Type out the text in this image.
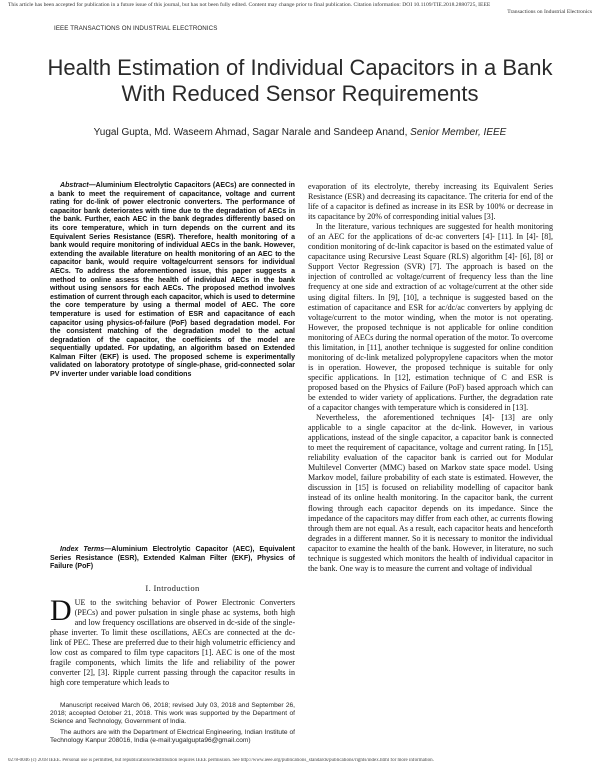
This article has been accepted for publication in a future issue of this journal, but has not been fully edited. Content may change prior to final publication. Citation information: DOI 10.1109/TIE.2018.2880725, IEEE
Transactions on Industrial Electronics
IEEE TRANSACTIONS ON INDUSTRIAL ELECTRONICS
Health Estimation of Individual Capacitors in a Bank With Reduced Sensor Requirements
Yugal Gupta, Md. Waseem Ahmad, Sagar Narale and Sandeep Anand, Senior Member, IEEE
Abstract—Aluminium Electrolytic Capacitors (AECs) are connected in a bank to meet the requirement of capacitance, voltage and current rating for dc-link of power electronic converters. The performance of capacitor bank deteriorates with time due to the degradation of AECs in the bank. Further, each AEC in the bank degrades differently based on its core temperature, which in turn depends on the current and its Equivalent Series Resistance (ESR). Therefore, health monitoring of a bank would require monitoring of individual AECs in the bank. However, extending the available literature on health monitoring of an AEC to the capacitor bank, would require voltage/current sensors for individual AECs. To address the aforementioned issue, this paper suggests a method to online assess the health of individual AECs in the bank without using sensors for each AECs. The proposed method involves estimation of current through each capacitor, which is used to determine the core temperature by using a thermal model of AEC. The core temperature is used for estimation of ESR and capacitance of each capacitor using physics-of-failure (PoF) based degradation model. For the consistent matching of the degradation model to the actual degradation of the capacitor, the coefficients of the model are sequentially updated. For updating, an algorithm based on Extended Kalman Filter (EKF) is used. The proposed scheme is experimentally validated on laboratory prototype of single-phase, grid-connected solar PV inverter under variable load conditions
Index Terms—Aluminium Electrolytic Capacitor (AEC), Equivalent Series Resistance (ESR), Extended Kalman Filter (EKF), Physics of Failure (PoF)
I. Introduction
DUE to the switching behavior of Power Electronic Converters (PECs) and power pulsation in single phase ac systems, both high and low frequency oscillations are observed in dc-side of the single-phase inverter. To limit these oscillations, AECs are connected at the dc-link of PEC. These are preferred due to their high volumetric efficiency and low cost as compared to film type capacitors [1]. AEC is one of the most fragile components, which limits the life and reliability of the power converter [2], [3]. Ripple current passing through the capacitor results in high core temperature which leads to

Manuscript received March 06, 2018; revised July 03, 2018 and September 26, 2018; accepted October 21, 2018. This work was supported by the Department of Science and Technology, Government of India.

The authors are with the Department of Electrical Engineering, Indian Institute of Technology Kanpur 208016, India (e-mail:yugalgupta96@gmail.com)

evaporation of its electrolyte, thereby increasing its Equivalent Series Resistance (ESR) and decreasing its capacitance. The criteria for end of the life of a capacitor is defined as increase in its ESR by 100% or decrease in its capacitance by 20% of corresponding initial values [3].

In the literature, various techniques are suggested for health monitoring of an AEC for the applications of dc-ac converters [4]- [11]. In [4]- [8], condition monitoring of dc-link capacitor is based on the estimated value of capacitance using Recursive Least Square (RLS) algorithm [4]- [6], [8] or Support Vector Regression (SVR) [7]. The approach is based on the injection of controlled ac voltage/current of frequency less than the line frequency at one side and extraction of ac voltage/current at the other side using digital filters. In [9], [10], a technique is suggested based on the estimation of capacitance and ESR for ac/dc/ac converters by applying dc voltage/current to the motor winding, when the motor is not operating. However, the proposed technique is not applicable for online condition monitoring of AECs during the normal operation of the motor. To overcome this limitation, in [11], another technique is suggested for online condition monitoring of dc-link metalized polypropylene capacitors when the motor is in operation. However, the proposed technique is suitable for only specific applications. In [12], estimation technique of C and ESR is proposed based on the Physics of Failure (PoF) based approach which can be extended to wider variety of applications. Further, the degradation rate of a capacitor changes with temperature which is considered in [13].

Nevertheless, the aforementioned techniques [4]- [13] are only applicable to a single capacitor at the dc-link. However, in various applications, instead of the single capacitor, a capacitor bank is connected to meet the requirement of capacitance, voltage and current rating. In [15], reliability evaluation of the capacitor bank is carried out for Modular Multilevel Converter (MMC) based on Markov state space model. Using Markov model, failure probability of each state is estimated. However, the discussion in [15] is focused on reliability modelling of capacitor bank instead of its online health monitoring. In the capacitor bank, the current flowing through each capacitor depends on its impedance. Since the impedance of the capacitors may differ from each other, ac currents flowing through them are not equal. As a result, each capacitor heats and henceforth degrades in a different manner. So it is necessary to monitor the individual capacitor to examine the health of the bank. However, in literature, no such technique is suggested which monitors the health of individual capacitor in the bank. One way is to measure the current and voltage of individual

0278-0046 (c) 2018 IEEE. Personal use is permitted, but republication/redistribution requires IEEE permission. See http://www.ieee.org/publications_standards/publications/rights/index.html for more information.
